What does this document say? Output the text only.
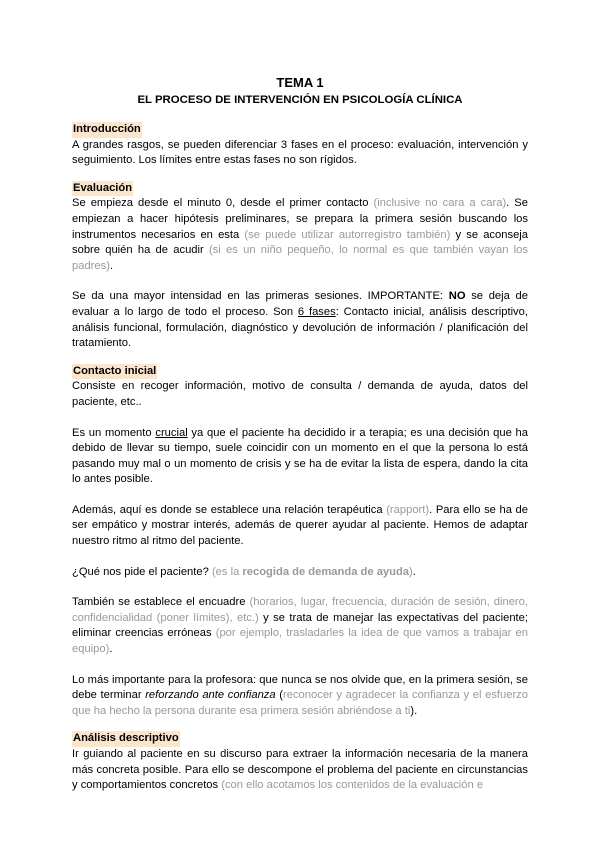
TEMA 1
EL PROCESO DE INTERVENCIÓN EN PSICOLOGÍA CLÍNICA
Introducción

A grandes rasgos, se pueden diferenciar 3 fases en el proceso: evaluación, intervención y seguimiento. Los límites entre estas fases no son rígidos.

Evaluación

Se empieza desde el minuto 0, desde el primer contacto (inclusive no cara a cara). Se empiezan a hacer hipótesis preliminares, se prepara la primera sesión buscando los instrumentos necesarios en esta (se puede utilizar autorregistro también) y se aconseja sobre quién ha de acudir (si es un niño pequeño, lo normal es que también vayan los padres).

Se da una mayor intensidad en las primeras sesiones. IMPORTANTE: NO se deja de evaluar a lo largo de todo el proceso. Son 6 fases: Contacto inicial, análisis descriptivo, análisis funcional, formulación, diagnóstico y devolución de información / planificación del tratamiento.

Contacto inicial

Consiste en recoger información, motivo de consulta / demanda de ayuda, datos del paciente, etc..

Es un momento crucial ya que el paciente ha decidido ir a terapia; es una decisión que ha debido de llevar su tiempo, suele coincidir con un momento en el que la persona lo está pasando muy mal o un momento de crisis y se ha de evitar la lista de espera, dando la cita lo antes posible.

Además, aquí es donde se establece una relación terapéutica (rapport). Para ello se ha de ser empático y mostrar interés, además de querer ayudar al paciente. Hemos de adaptar nuestro ritmo al ritmo del paciente.

¿Qué nos pide el paciente? (es la recogida de demanda de ayuda).

También se establece el encuadre (horarios, lugar, frecuencia, duración de sesión, dinero, confidencialidad (poner límites), etc.) y se trata de manejar las expectativas del paciente; eliminar creencias erróneas (por ejemplo, trasladarles la idea de que vamos a trabajar en equipo).

Lo más importante para la profesora: que nunca se nos olvide que, en la primera sesión, se debe terminar reforzando ante confianza (reconocer y agradecer la confianza y el esfuerzo que ha hecho la persona durante esa primera sesión abriéndose a ti).

Análisis descriptivo

Ir guiando al paciente en su discurso para extraer la información necesaria de la manera más concreta posible. Para ello se descompone el problema del paciente en circunstancias y comportamientos concretos (con ello acotamos los contenidos de la evaluación e
